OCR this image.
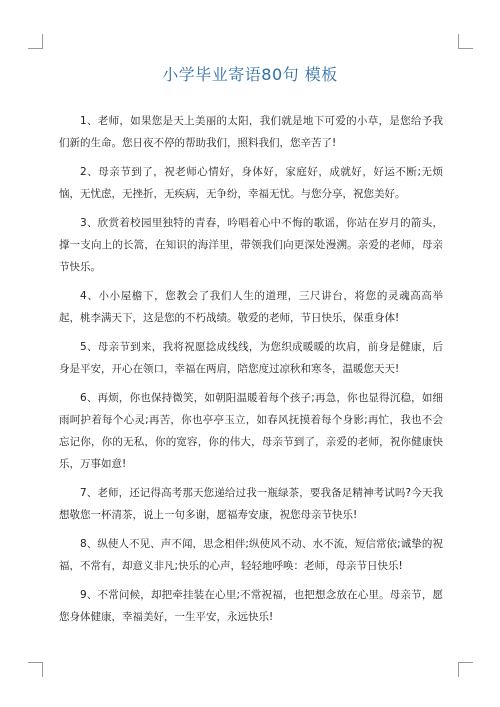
小学毕业寄语80句 模板

1、老师，如果您是天上美丽的太阳，我们就是地下可爱的小草，是您给予我们新的生命。您日夜不停的帮助我们，照料我们，您辛苦了!

2、母亲节到了，祝老师心情好，身体好，家庭好，成就好，好运不断;无烦恼，无忧虑，无挫折，无疾病，无争纷，幸福无忧。与您分享，祝您美好。

3、欣赏着校园里独特的青春，吟唱着心中不悔的歌谣，你站在岁月的箭头，撑一支向上的长篙，在知识的海洋里，带领我们向更深处漫溯。亲爱的老师，母亲节快乐。

4、小小屋檐下，您教会了我们人生的道理，三尺讲台，将您的灵魂高高举起，桃李满天下，这是您的不朽战绩。敬爱的老师，节日快乐，保重身体!

5、母亲节到来，我将祝愿捻成线线，为您织成暖暖的坎肩，前身是健康，后身是平安，开心在领口，幸福在两肩，陪您度过凉秋和寒冬，温暖您天天!

6、再烦，你也保持微笑，如朝阳温暖着每个孩子;再急，你也显得沉稳，如细雨呵护着每个心灵;再苦，你也亭亭玉立，如春风抚摸着每个身影;再忙，我也不会忘记你，你的无私，你的宽容，你的伟大，母亲节到了，亲爱的老师，祝你健康快乐，万事如意!

7、老师，还记得高考那天您递给过我一瓶绿茶，要我备足精神考试吗?今天我想敬您一杯清茶，说上一句多谢，愿福寿安康，祝您母亲节快乐!

8、纵使人不见、声不闻，思念相伴;纵使风不动、水不流，短信常依;诚挚的祝福，不常有，却意义非凡;快乐的心声，轻轻地呼唤：老师，母亲节日快乐!

9、不常问候，却把牵挂装在心里;不常祝福，也把想念放在心里。母亲节，愿您身体健康，幸福美好，一生平安，永远快乐!
